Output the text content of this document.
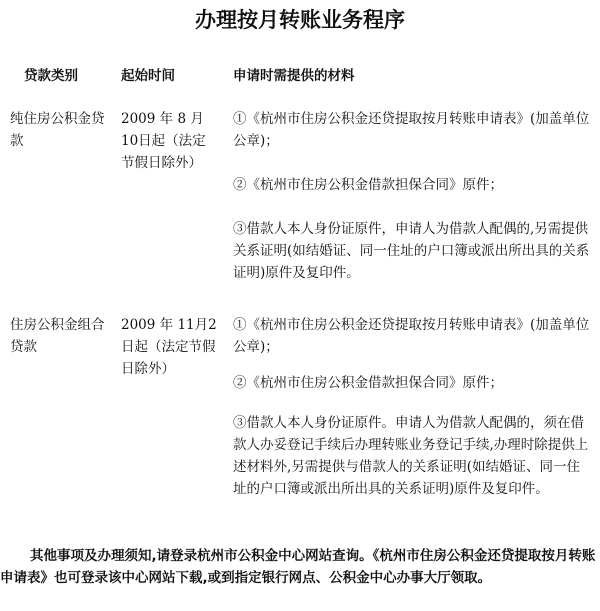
办理按月转账业务程序
贷款类别	起始时间	申请时需提供的材料
纯住房公积金贷款
2009 年 8 月10日起（法定节假日除外）
①《杭州市住房公积金还贷提取按月转账申请表》(加盖单位公章)；
②《杭州市住房公积金借款担保合同》原件；
③借款人本人身份证原件，申请人为借款人配偶的,另需提供关系证明(如结婚证、同一住址的户口簿或派出所出具的关系证明)原件及复印件。
住房公积金组合贷款
2009 年 11月2日起（法定节假日除外）
①《杭州市住房公积金还贷提取按月转账申请表》(加盖单位公章)；
②《杭州市住房公积金借款担保合同》原件；
③借款人本人身份证原件。申请人为借款人配偶的，须在借款人办妥登记手续后办理转账业务登记手续,办理时除提供上述材料外,另需提供与借款人的关系证明(如结婚证、同一住址的户口簿或派出所出具的关系证明)原件及复印件。
其他事项及办理须知,请登录杭州市公积金中心网站查询。《杭州市住房公积金还贷提取按月转账申请表》也可登录该中心网站下载,或到指定银行网点、公积金中心办事大厅领取。
